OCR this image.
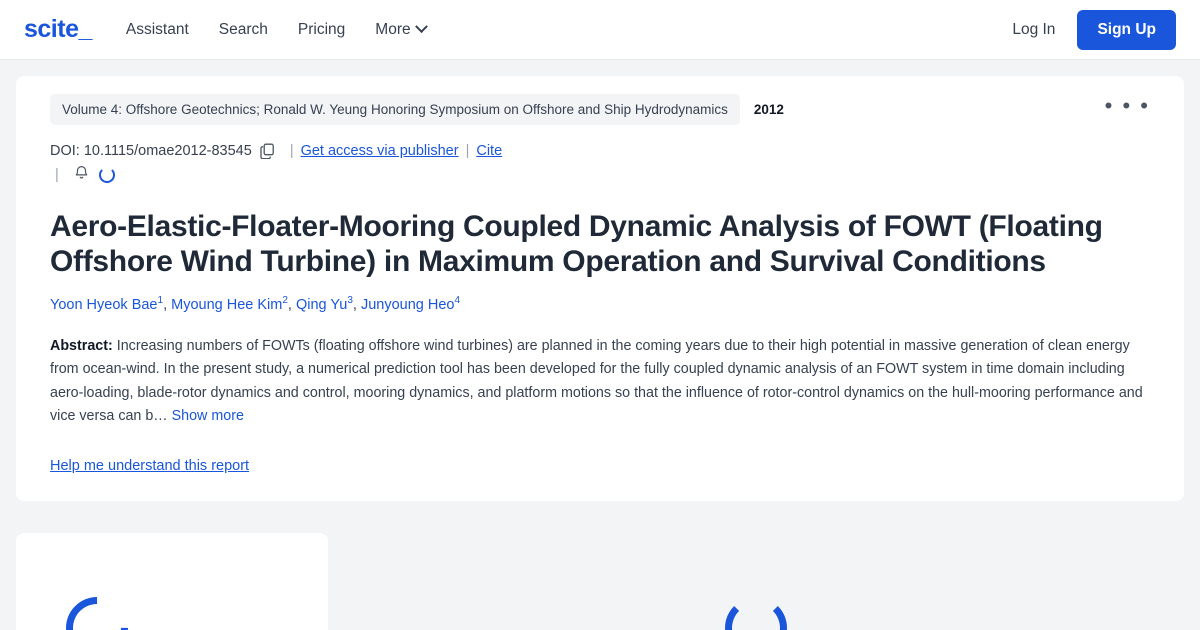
scite_ Assistant Search Pricing More	Log In	Sign Up
Volume 4: Offshore Geotechnics; Ronald W. Yeung Honoring Symposium on Offshore and Ship Hydrodynamics	2012	• • •
DOI: 10.1115/omae2012-83545	| Get access via publisher | Cite
|
Aero-Elastic-Floater-Mooring Coupled Dynamic Analysis of FOWT (Floating Offshore Wind Turbine) in Maximum Operation and Survival Conditions
Yoon Hyeok Bae$^1$, Myoung Hee Kim$^2$, Qing Yu$^3$, Junyoung Heo$^4$
Abstract: Increasing numbers of FOWTs (floating offshore wind turbines) are planned in the coming years due to their high potential in massive generation of clean energy from ocean-wind. In the present study, a numerical prediction tool has been developed for the fully coupled dynamic analysis of an FOWT system in time domain including aero-loading, blade-rotor dynamics and control, mooring dynamics, and platform motions so that the influence of rotor-control dynamics on the hull-mooring performance and vice versa can b… Show more
Help me understand this report
